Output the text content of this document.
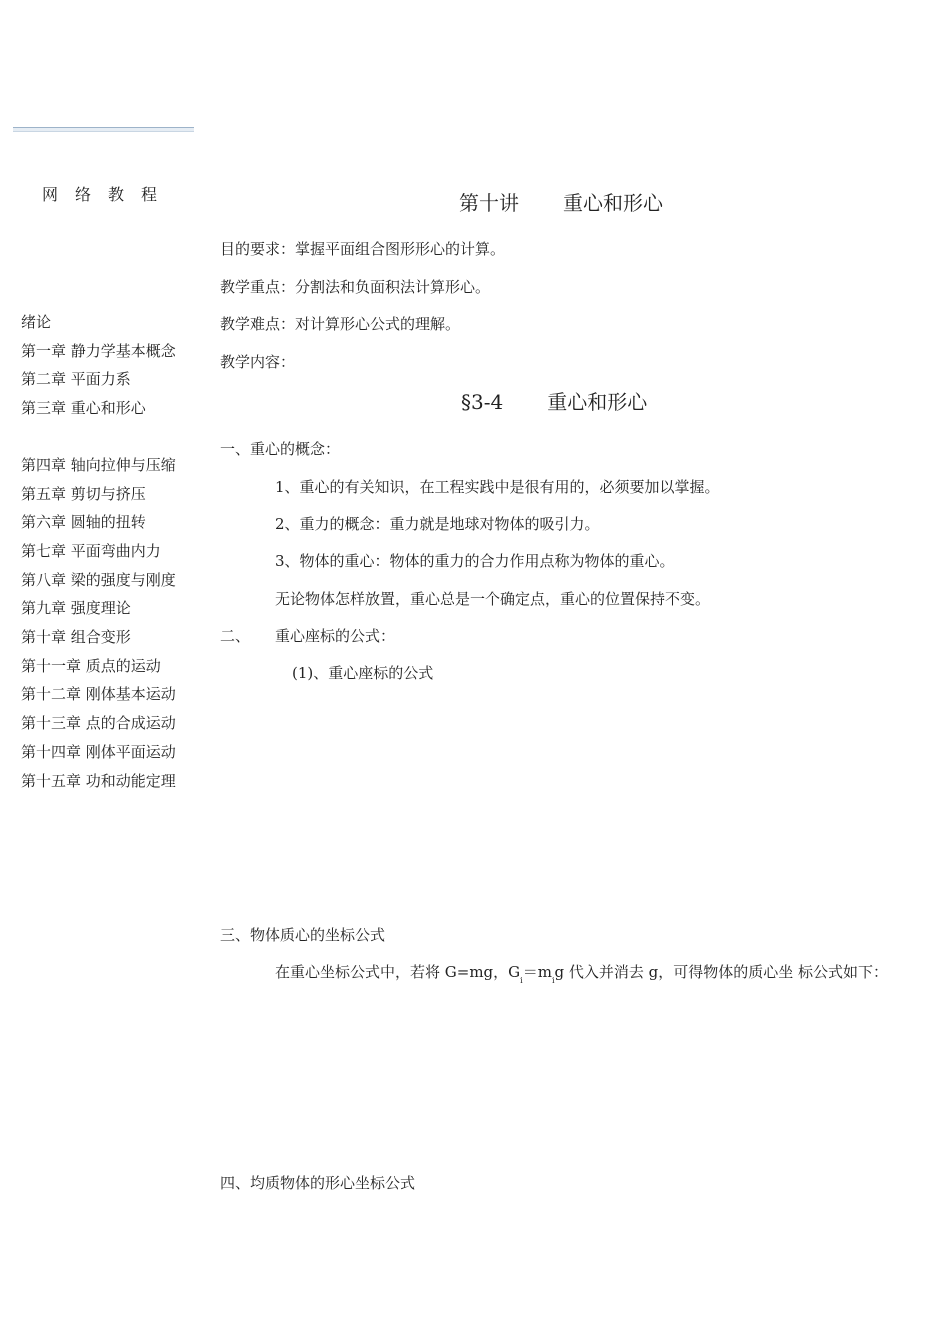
网络教程
绪论
第一章 静力学基本概念
第二章 平面力系
第三章 重心和形心
第四章 轴向拉伸与压缩
第五章 剪切与挤压
第六章 圆轴的扭转
第七章 平面弯曲内力
第八章 梁的强度与刚度
第九章 强度理论
第十章 组合变形
第十一章 质点的运动
第十二章 刚体基本运动
第十三章 点的合成运动
第十四章 刚体平面运动
第十五章 功和动能定理
第十讲 重心和形心

目的要求：掌握平面组合图形形心的计算。

教学重点：分割法和负面积法计算形心。

教学难点：对计算形心公式的理解。

教学内容：

§3-4 重心和形心

一、重心的概念：

1、重心的有关知识，在工程实践中是很有用的，必须要加以掌握。

2、重力的概念：重力就是地球对物体的吸引力。

3、物体的重心：物体的重力的合力作用点称为物体的重心。

无论物体怎样放置，重心总是一个确定点，重心的位置保持不变。

二、 重心座标的公式：

(1)、重心座标的公式

三、物体质心的坐标公式

在重心坐标公式中，若将 G=mg，$G_i=m_ig$ 代入并消去 g，可得物体的质心坐 标公式如下：

四、均质物体的形心坐标公式
